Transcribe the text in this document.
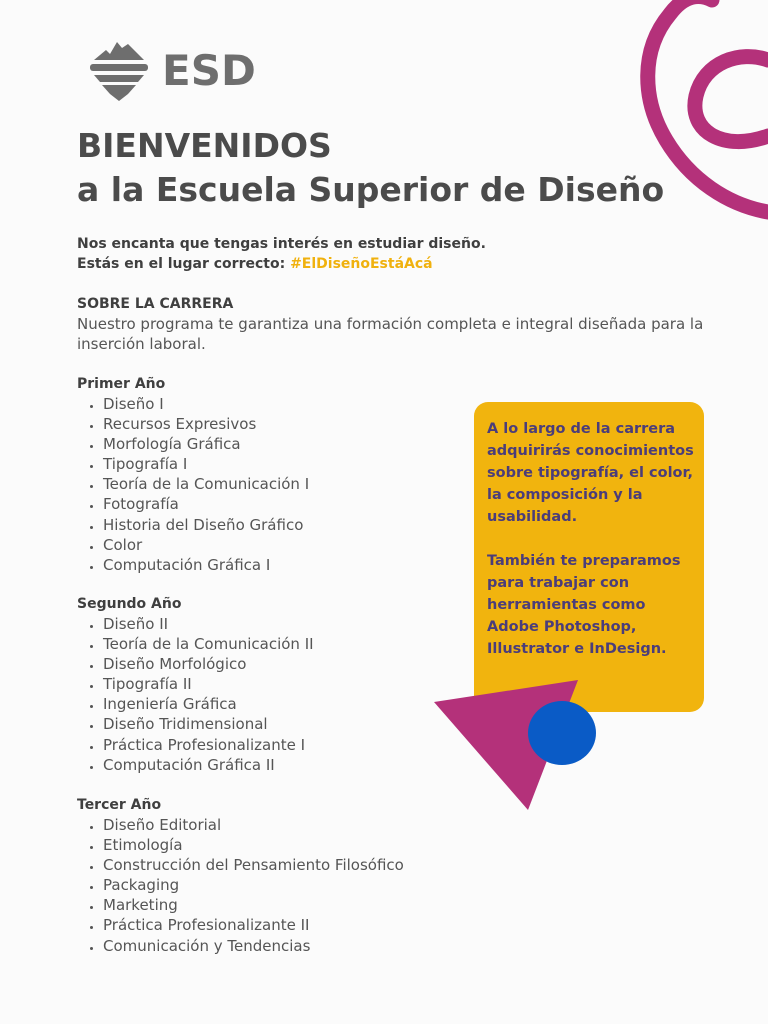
ESD
BIENVENIDOS
a la Escuela Superior de Diseño

Nos encanta que tengas interés en estudiar diseño.
Estás en el lugar correcto: #ElDiseñoEstáAcá

SOBRE LA CARRERA

Nuestro programa te garantiza una formación completa e integral diseñada para la inserción laboral.

Primer Año
• Diseño I
• Recursos Expresivos
• Morfología Gráfica
• Tipografía I
• Teoría de la Comunicación I
• Fotografía
• Historia del Diseño Gráfico
• Color
• Computación Gráfica I
Segundo Año
• Diseño II
• Teoría de la Comunicación II
• Diseño Morfológico
• Tipografía II
• Ingeniería Gráfica
• Diseño Tridimensional
• Práctica Profesionalizante I
• Computación Gráfica II
Tercer Año
• Diseño Editorial
• Etimología
• Construcción del Pensamiento Filosófico
• Packaging
• Marketing
• Práctica Profesionalizante II
• Comunicación y Tendencias

A lo largo de la carrera adquirirás conocimientos sobre tipografía, el color, la composición y la usabilidad.

También te preparamos para trabajar con herramientas como Adobe Photoshop, Illustrator e InDesign.
